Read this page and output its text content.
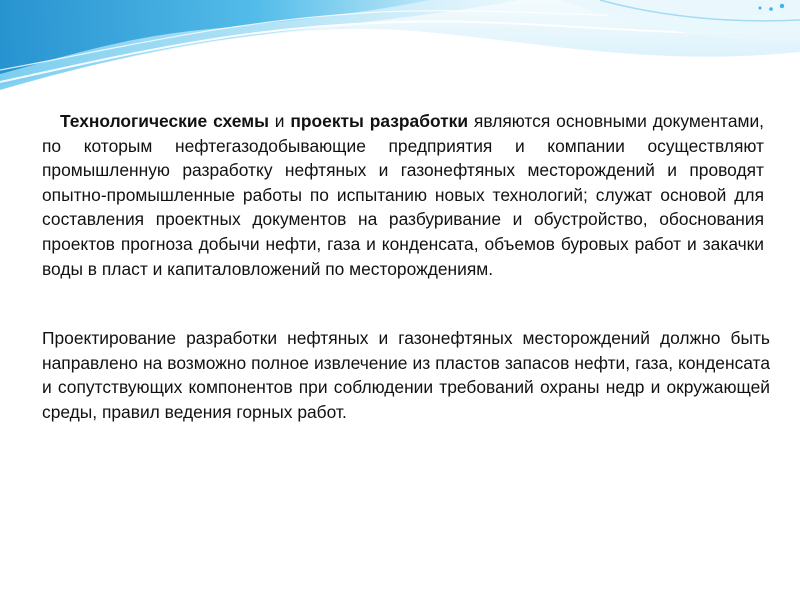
Технологические схемы и проекты разработки являются основными документами, по которым нефтегазодобывающие предприятия и компании осуществляют промышленную разработку нефтяных и газонефтяных месторождений и проводят опытно-промышленные работы по испытанию новых технологий; служат основой для составления проектных документов на разбуривание и обустройство, обоснования проектов прогноза добычи нефти, газа и конденсата, объемов буровых работ и закачки воды в пласт и капиталовложений по месторождениям.
Проектирование разработки нефтяных и газонефтяных месторождений должно быть направлено на возможно полное извлечение из пластов запасов нефти, газа, конденсата и сопутствующих компонентов при соблюдении требований охраны недр и окружающей среды, правил ведения горных работ.
